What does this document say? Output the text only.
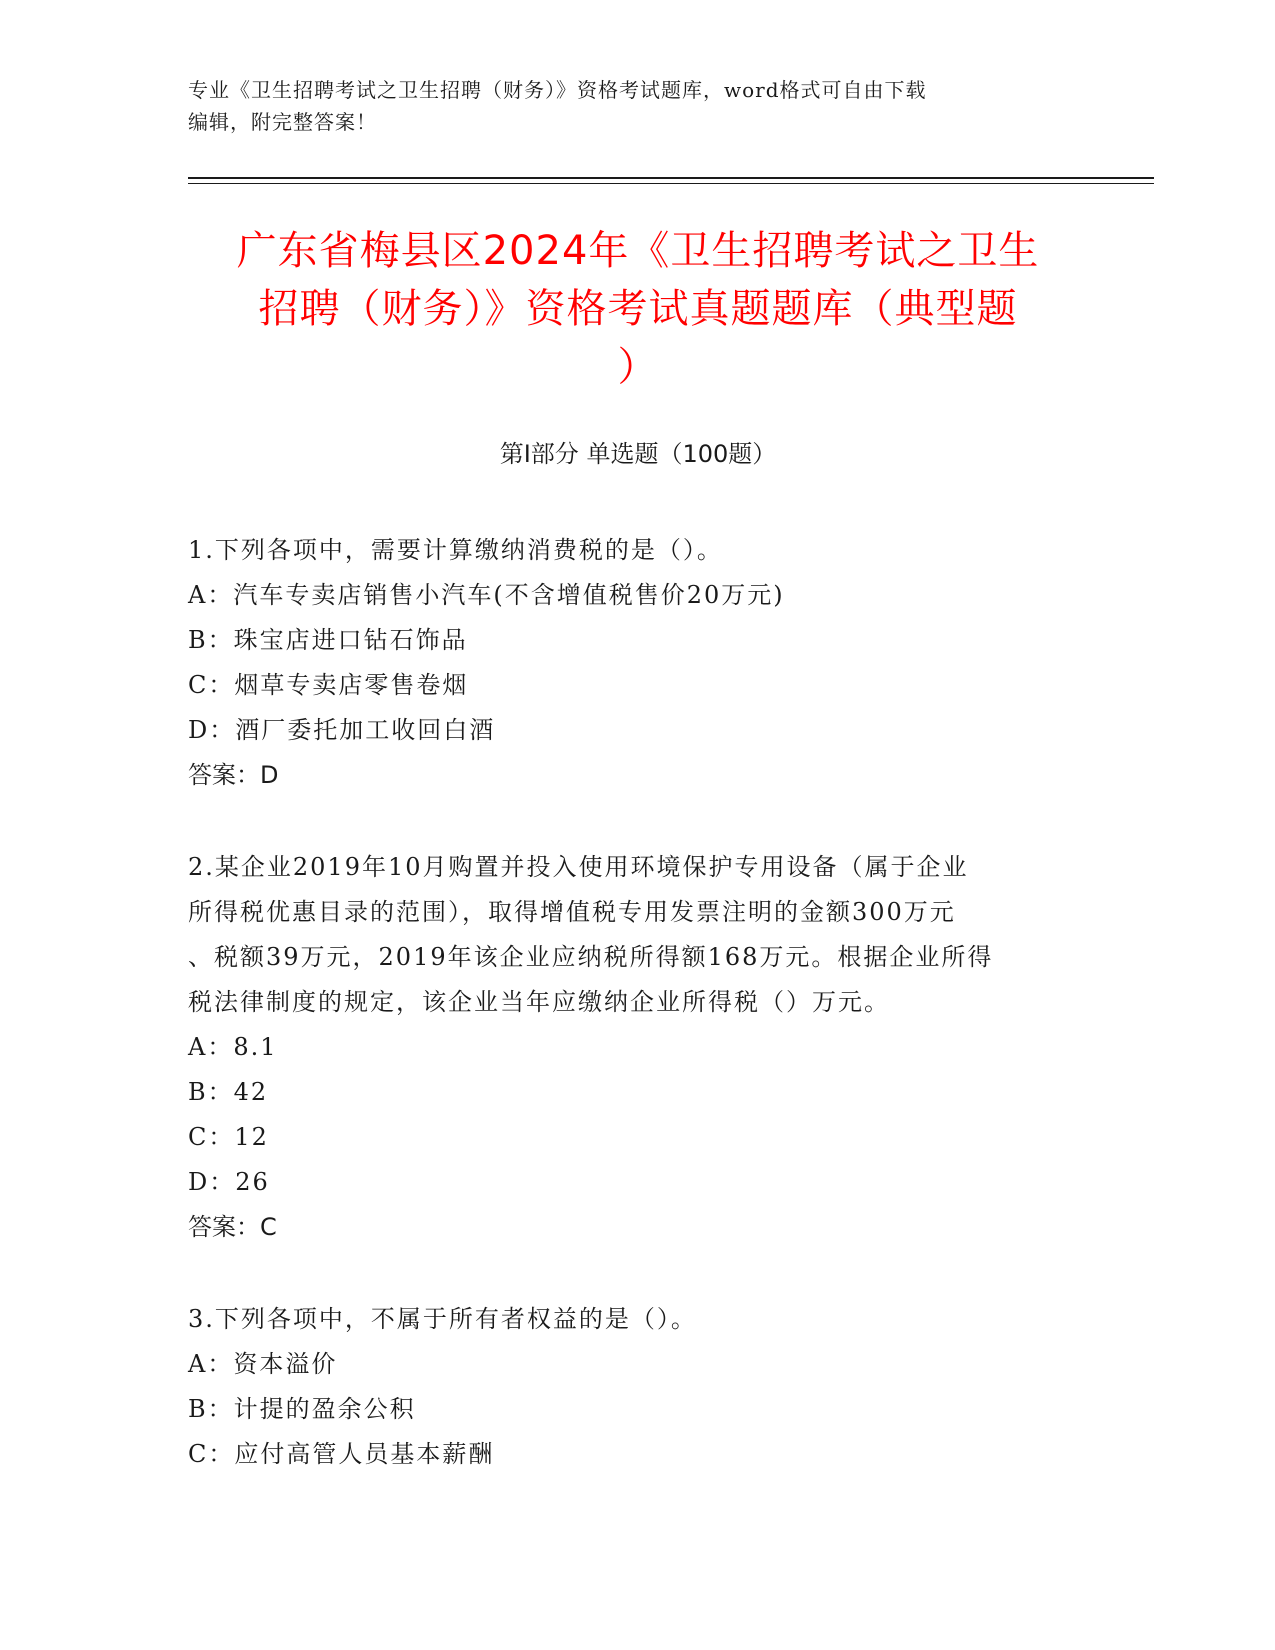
专业《卫生招聘考试之卫生招聘（财务）》资格考试题库，word格式可自由下载
编辑，附完整答案！
广东省梅县区2024年《卫生招聘考试之卫生
招聘（财务）》资格考试真题题库（典型题
）
第Ⅰ部分 单选题（100题）
1.下列各项中，需要计算缴纳消费税的是（）。
A：汽车专卖店销售小汽车(不含增值税售价20万元)
B：珠宝店进口钻石饰品
C：烟草专卖店零售卷烟
D：酒厂委托加工收回白酒
答案：D
2.某企业2019年10月购置并投入使用环境保护专用设备（属于企业
所得税优惠目录的范围），取得增值税专用发票注明的金额300万元
、税额39万元，2019年该企业应纳税所得额168万元。根据企业所得
税法律制度的规定，该企业当年应缴纳企业所得税（）万元。
A：8.1
B：42
C：12
D：26
答案：C
3.下列各项中，不属于所有者权益的是（）。
A：资本溢价
B：计提的盈余公积
C：应付高管人员基本薪酬
